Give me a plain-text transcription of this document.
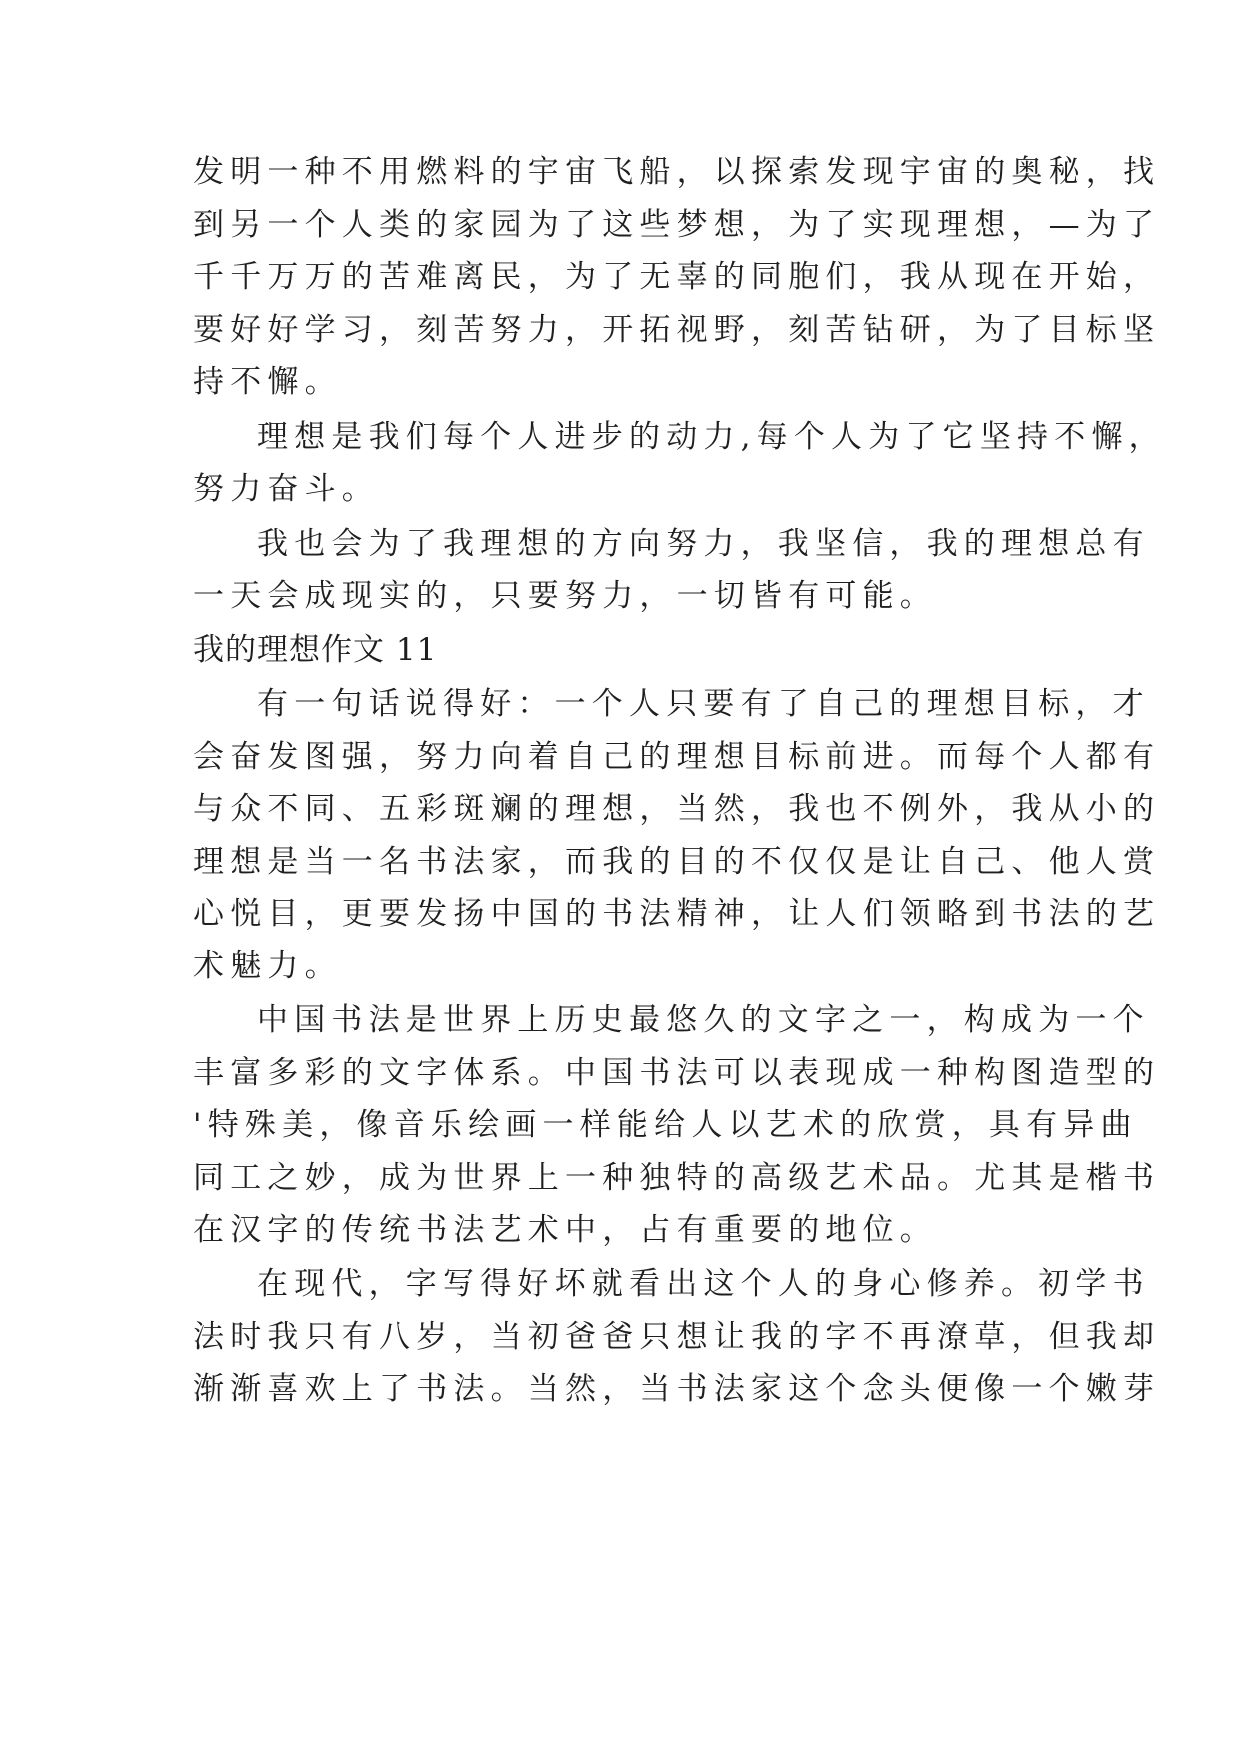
发明一种不用燃料的宇宙飞船，以探索发现宇宙的奥秘，找

到另一个人类的家园为了这些梦想，为了实现理想，—为了

千千万万的苦难离民，为了无辜的同胞们，我从现在开始，

要好好学习，刻苦努力，开拓视野，刻苦钻研，为了目标坚

持不懈。

理想是我们每个人进步的动力,每个人为了它坚持不懈，

努力奋斗。

我也会为了我理想的方向努力，我坚信，我的理想总有

一天会成现实的，只要努力，一切皆有可能。

我的理想作文 11

有一句话说得好：一个人只要有了自己的理想目标，才

会奋发图强，努力向着自己的理想目标前进。而每个人都有

与众不同、五彩斑斓的理想，当然，我也不例外，我从小的

理想是当一名书法家，而我的目的不仅仅是让自己、他人赏

心悦目，更要发扬中国的书法精神，让人们领略到书法的艺

术魅力。

中国书法是世界上历史最悠久的文字之一，构成为一个

丰富多彩的文字体系。中国书法可以表现成一种构图造型的

'特殊美，像音乐绘画一样能给人以艺术的欣赏，具有异曲

同工之妙，成为世界上一种独特的高级艺术品。尤其是楷书

在汉字的传统书法艺术中，占有重要的地位。

在现代，字写得好坏就看出这个人的身心修养。初学书

法时我只有八岁，当初爸爸只想让我的字不再潦草，但我却

渐渐喜欢上了书法。当然，当书法家这个念头便像一个嫩芽
